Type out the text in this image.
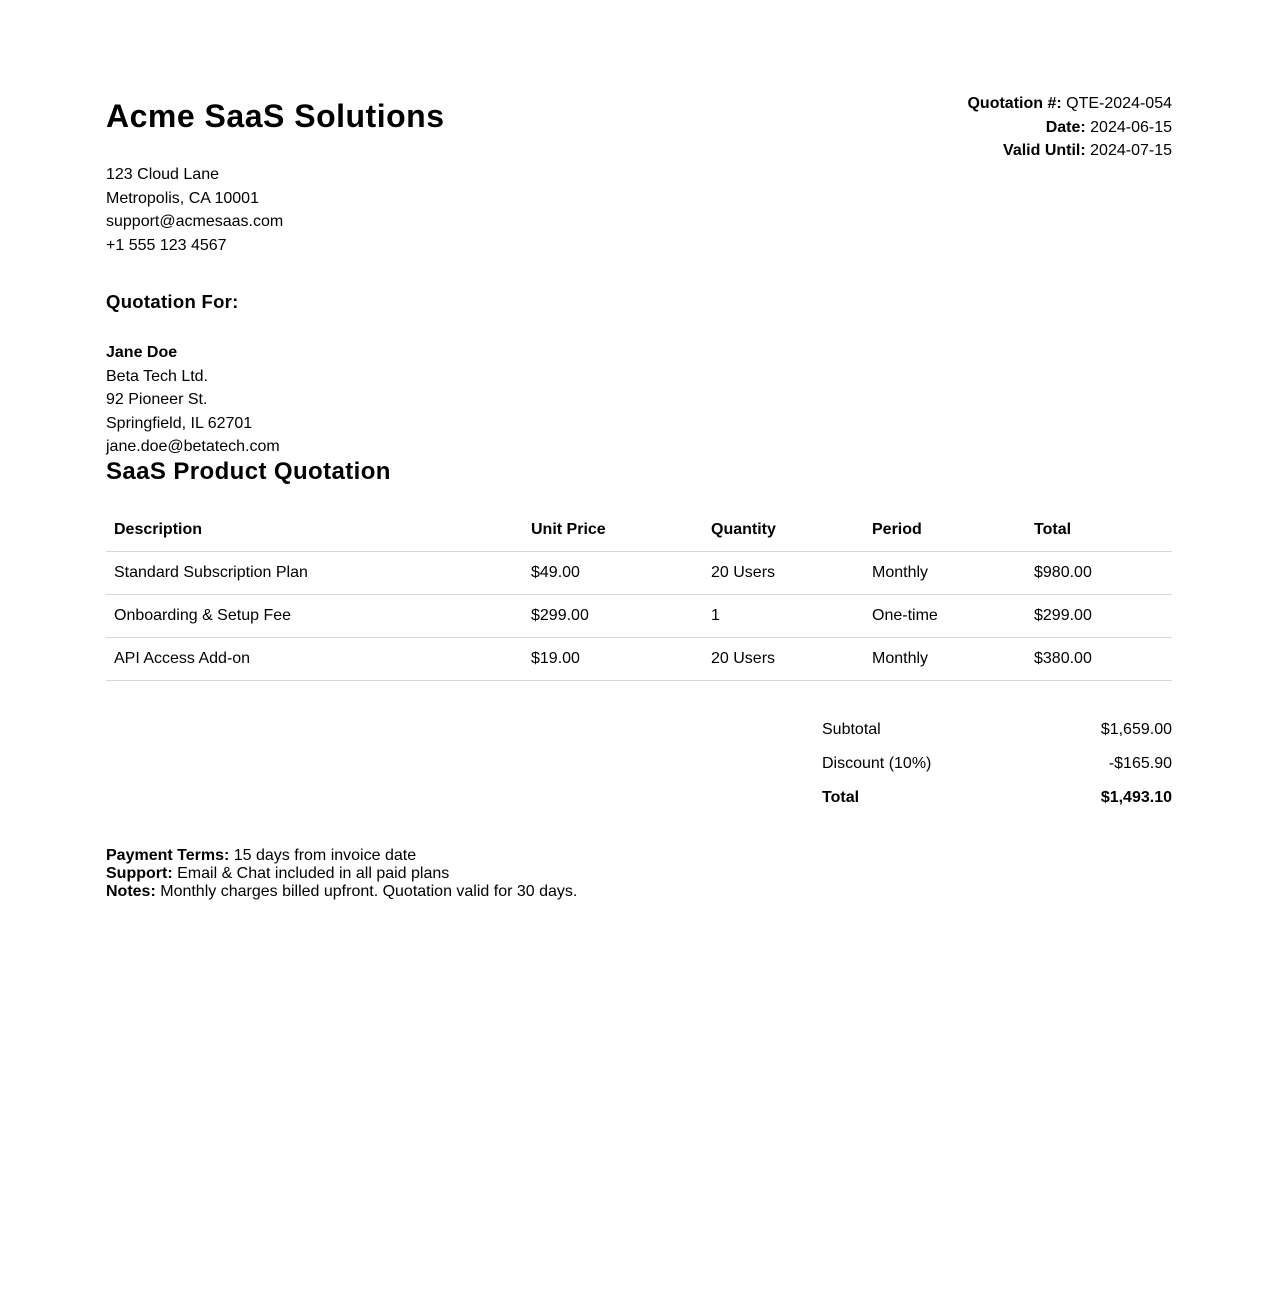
Acme SaaS Solutions
123 Cloud Lane
Metropolis, CA 10001
support@acmesaas.com
+1 555 123 4567
Quotation #: QTE-2024-054
Date: 2024-06-15
Valid Until: 2024-07-15
Quotation For:
Jane Doe
Beta Tech Ltd.
92 Pioneer St.
Springfield, IL 62701
jane.doe@betatech.com
SaaS Product Quotation
Description	Unit Price	Quantity	Period	Total
Standard Subscription Plan	$49.00	20 Users	Monthly	$980.00
Onboarding & Setup Fee	$299.00	1	One-time	$299.00
API Access Add-on	$19.00	20 Users	Monthly	$380.00
Subtotal	$1,659.00
Discount (10%)	-$165.90
Total	$1,493.10
Payment Terms: 15 days from invoice date
Support: Email & Chat included in all paid plans
Notes: Monthly charges billed upfront. Quotation valid for 30 days.
